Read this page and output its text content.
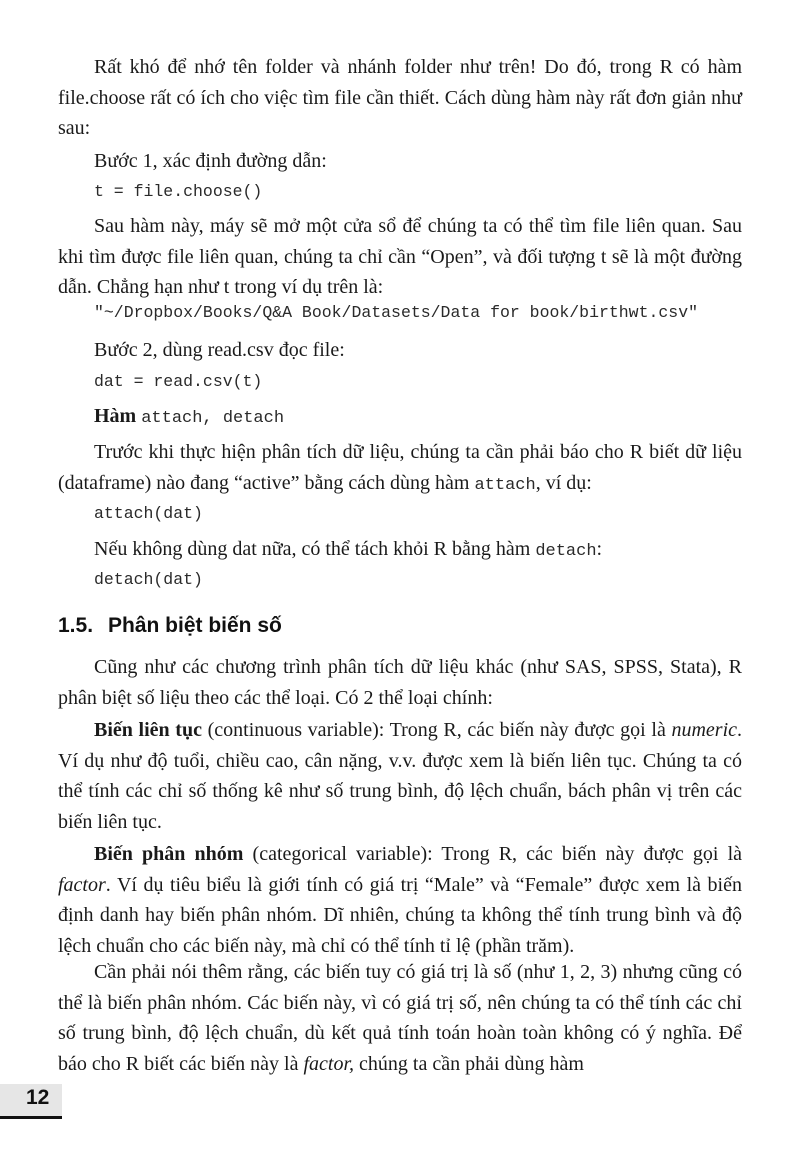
Rất khó để nhớ tên folder và nhánh folder như trên! Do đó, trong R có hàm file.choose rất có ích cho việc tìm file cần thiết. Cách dùng hàm này rất đơn giản như sau:

Bước 1, xác định đường dẫn:

t = file.choose()

Sau hàm này, máy sẽ mở một cửa sổ để chúng ta có thể tìm file liên quan. Sau khi tìm được file liên quan, chúng ta chỉ cần “Open”, và đối tượng t sẽ là một đường dẫn. Chẳng hạn như t trong ví dụ trên là:

"~/Dropbox/Books/Q&A Book/Datasets/Data for book/birthwt.csv"

Bước 2, dùng read.csv đọc file:

dat = read.csv(t)

Hàm attach, detach

Trước khi thực hiện phân tích dữ liệu, chúng ta cần phải báo cho R biết dữ liệu (dataframe) nào đang “active” bằng cách dùng hàm attach, ví dụ:

attach(dat)

Nếu không dùng dat nữa, có thể tách khỏi R bằng hàm detach:

detach(dat)
1.5. Phân biệt biến số

Cũng như các chương trình phân tích dữ liệu khác (như SAS, SPSS, Stata), R phân biệt số liệu theo các thể loại. Có 2 thể loại chính:

Biến liên tục (continuous variable): Trong R, các biến này được gọi là numeric. Ví dụ như độ tuổi, chiều cao, cân nặng, v.v. được xem là biến liên tục. Chúng ta có thể tính các chỉ số thống kê như số trung bình, độ lệch chuẩn, bách phân vị trên các biến liên tục.

Biến phân nhóm (categorical variable): Trong R, các biến này được gọi là factor. Ví dụ tiêu biểu là giới tính có giá trị “Male” và “Female” được xem là biến định danh hay biến phân nhóm. Dĩ nhiên, chúng ta không thể tính trung bình và độ lệch chuẩn cho các biến này, mà chỉ có thể tính tỉ lệ (phần trăm).

Cần phải nói thêm rằng, các biến tuy có giá trị là số (như 1, 2, 3) nhưng cũng có thể là biến phân nhóm. Các biến này, vì có giá trị số, nên chúng ta có thể tính các chỉ số trung bình, độ lệch chuẩn, dù kết quả tính toán hoàn toàn không có ý nghĩa. Để báo cho R biết các biến này là factor, chúng ta cần phải dùng hàm

12
